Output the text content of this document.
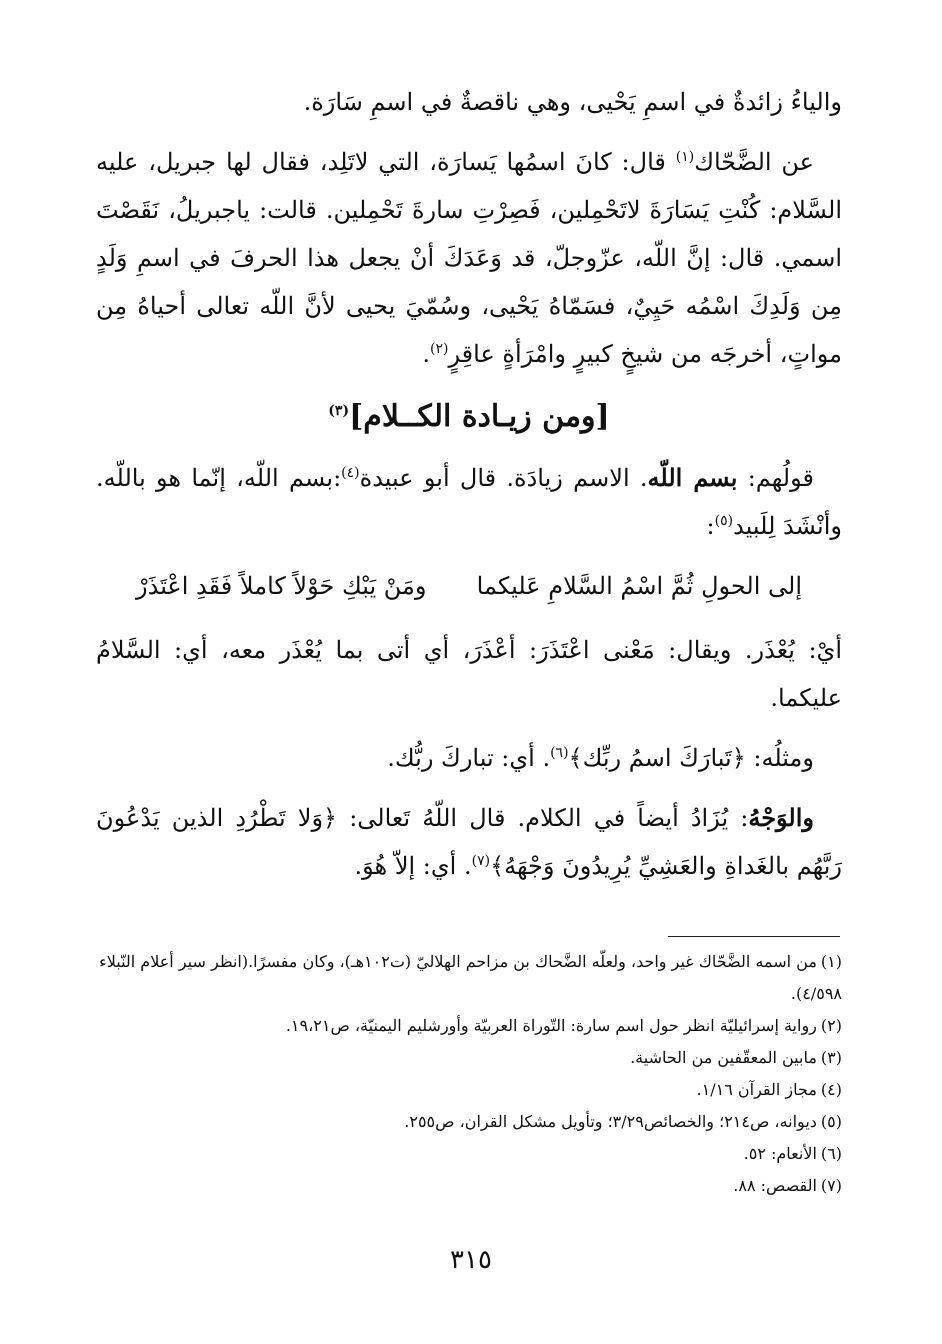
والياءُ زائدةٌ في اسمِ يَحْيى، وهي ناقصةٌ في اسمِ سَارَة.

عن الضَّحّاك$^{(١)}$ قال: كانَ اسمُها يَسارَة، التي لاتَلِد، فقال لها جبريل، عليه السَّلام: كُنْتِ يَسَارَةَ لاتَحْمِلين، فَصِرْتِ سارةَ تَحْمِلين. قالت: ياجبريلُ، نَقَصْتَ اسمي. قال: إنَّ اللّه، عزّوجلّ، قد وَعَدَكَ أنْ يجعل هذا الحرفَ في اسمِ وَلَدٍ مِن وَلَدِكَ اسْمُه حَيِيٌ، فسَمّاهُ يَحْيى، وسُمّيَ يحيى لأنَّ اللّه تعالى أحياهُ مِن مواتٍ، أخرجَه من شيخٍ كبيرٍ وامْرَأةٍ عاقِرٍ$^{(٢)}$.

[ومن زيـادة الكــلام]$^{(٣)}$

قولُهم: بسم اللّه. الاسم زيادَة. قال أبو عبيدة$^{(٤)}$:بسم اللّه، إنّما هو باللّه. وأنْشَدَ لِلَبيد$^{(٥)}$:

إلى الحولِ ثُمَّ اسْمُ السَّلامِ عَليكما
ومَنْ يَبْكِ حَوْلاً كاملاً فَقَدِ اعْتَذَرْ

أيْ: يُعْذَر. ويقال: مَعْنى اعْتَذَرَ: أعْذَرَ، أي أتى بما يُعْذَر معه، أي: السَّلامُ عليكما.

ومثلُه: ﴿تَبارَكَ اسمُ ربِّك﴾$^{(٦)}$. أي: تباركَ ربُّك.

والوَجْهُ: يُزَادُ أيضاً في الكلام. قال اللّهُ تَعالى: ﴿وَلا تَطْرُدِ الذين يَدْعُونَ رَبَّهُم بالغَداةِ والعَشِيِّ يُرِيدُونَ وَجْهَهُ﴾$^{(٧)}$. أي: إلاّ هُوَ.

(١)من اسمه الضَّحّاك غير واحد، ولعلّه الضَّحاك بن مزاحم الهلاليّ (ت١٠٢هـ)، وكان مفسرًا.(انظر سير أعلام النّبلاء ٤/٥٩٨).

(٢)رواية إسرائيليّة انظر حول اسم سارة: التّوراة العربيّة وأورشليم اليمنيّة، ص١٩،٢١.

(٣)مابين المعقّفين من الحاشية.

(٤)مجاز القرآن ١/١٦.

(٥)ديوانه، ص٢١٤؛ والخصائص٣/٢٩؛ وتأويل مشكل القران، ص٢٥٥.

(٦)الأنعام: ٥٢.

(٧)القصص: ٨٨.

٣١٥
